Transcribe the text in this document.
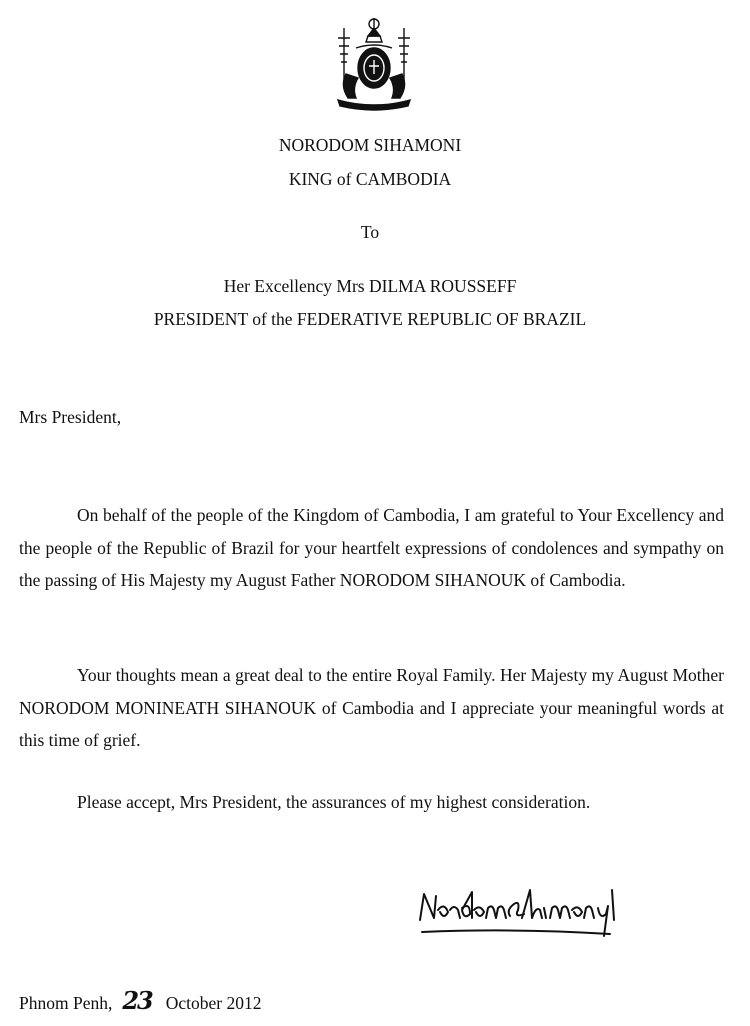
NORODOM SIHAMONI
KING of CAMBODIA
To
Her Excellency Mrs DILMA ROUSSEFF
PRESIDENT of the FEDERATIVE REPUBLIC OF BRAZIL
Mrs President,
On behalf of the people of the Kingdom of Cambodia, I am grateful to Your Excellency and the people of the Republic of Brazil for your heartfelt expressions of condolences and sympathy on the passing of His Majesty my August Father NORODOM SIHANOUK of Cambodia.
Your thoughts mean a great deal to the entire Royal Family. Her Majesty my August Mother NORODOM MONINEATH SIHANOUK of Cambodia and I appreciate your meaningful words at this time of grief.
Please accept, Mrs President, the assurances of my highest consideration.
Phnom Penh, 23 October 2012
